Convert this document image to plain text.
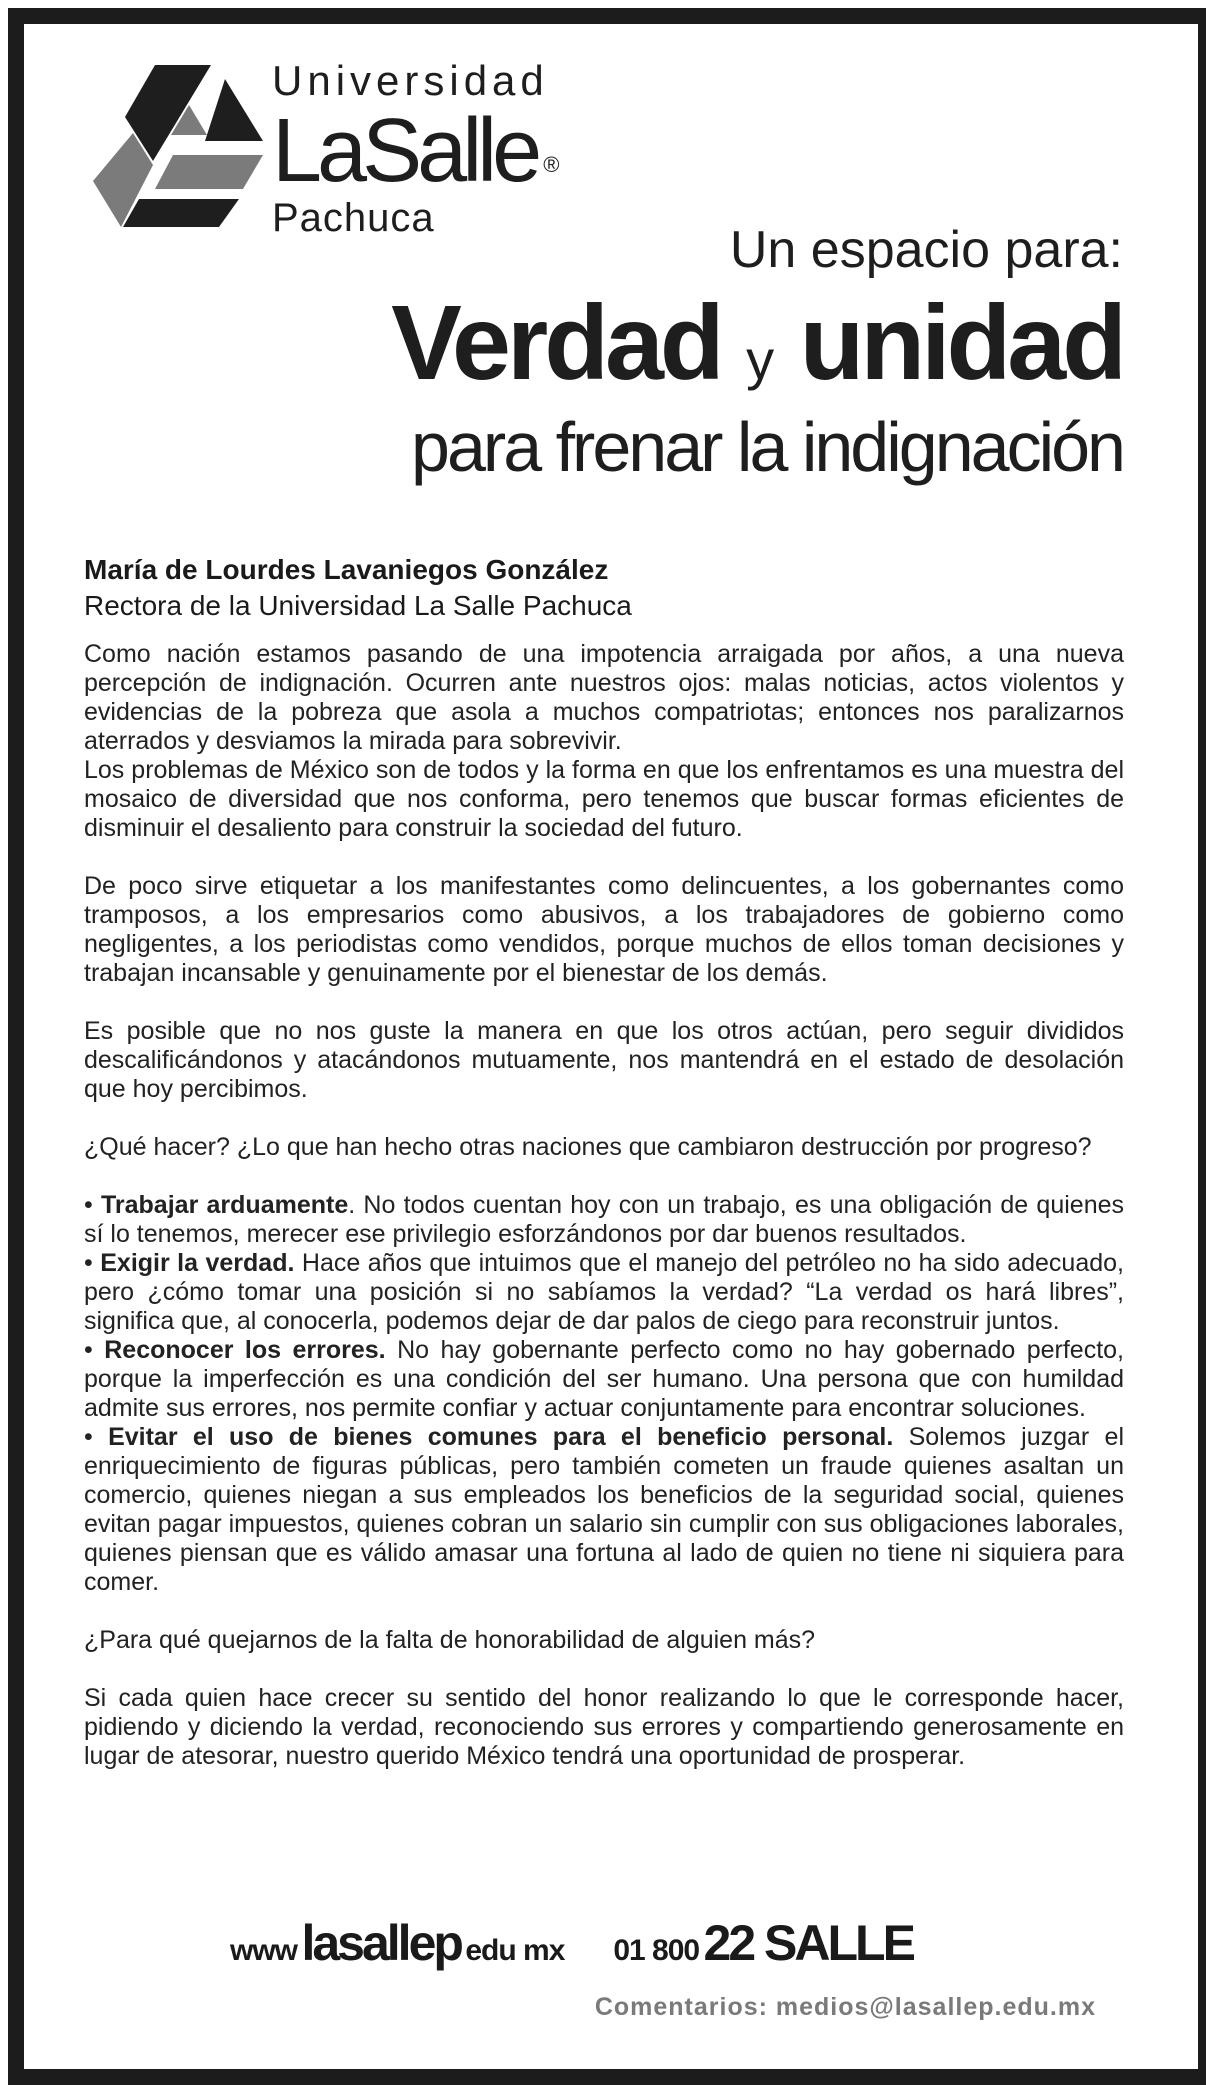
Universidad
LaSalle ®
Pachuca
Un espacio para:
Verdad y unidad
para frenar la indignación
María de Lourdes Lavaniegos González
Rectora de la Universidad La Salle Pachuca

Como nación estamos pasando de una impotencia arraigada por años, a una nueva percepción de indignación. Ocurren ante nuestros ojos: malas noticias, actos violentos y evidencias de la pobreza que asola a muchos compatriotas; entonces nos paralizarnos aterrados y desviamos la mirada para sobrevivir.

Los problemas de México son de todos y la forma en que los enfrentamos es una muestra del mosaico de diversidad que nos conforma, pero tenemos que buscar formas eficientes de disminuir el desaliento para construir la sociedad del futuro.

De poco sirve etiquetar a los manifestantes como delincuentes, a los gobernantes como tramposos, a los empresarios como abusivos, a los trabajadores de gobierno como negligentes, a los periodistas como vendidos, porque muchos de ellos toman decisiones y trabajan incansable y genuinamente por el bienestar de los demás.

Es posible que no nos guste la manera en que los otros actúan, pero seguir divididos descalificándonos y atacándonos mutuamente, nos mantendrá en el estado de desolación que hoy percibimos.

¿Qué hacer? ¿Lo que han hecho otras naciones que cambiaron destrucción por progreso?

• Trabajar arduamente. No todos cuentan hoy con un trabajo, es una obligación de quienes sí lo tenemos, merecer ese privilegio esforzándonos por dar buenos resultados.

• Exigir la verdad. Hace años que intuimos que el manejo del petróleo no ha sido adecuado, pero ¿cómo tomar una posición si no sabíamos la verdad? “La verdad os hará libres”, significa que, al conocerla, podemos dejar de dar palos de ciego para reconstruir juntos.

• Reconocer los errores. No hay gobernante perfecto como no hay gobernado perfecto, porque la imperfección es una condición del ser humano. Una persona que con humildad admite sus errores, nos permite confiar y actuar conjuntamente para encontrar soluciones.

• Evitar el uso de bienes comunes para el beneficio personal. Solemos juzgar el enriquecimiento de figuras públicas, pero también cometen un fraude quienes asaltan un comercio, quienes niegan a sus empleados los beneficios de la seguridad social, quienes evitan pagar impuestos, quienes cobran un salario sin cumplir con sus obligaciones laborales, quienes piensan que es válido amasar una fortuna al lado de quien no tiene ni siquiera para comer.

¿Para qué quejarnos de la falta de honorabilidad de alguien más?

Si cada quien hace crecer su sentido del honor realizando lo que le corresponde hacer, pidiendo y diciendo la verdad, reconociendo sus errores y compartiendo generosamente en lugar de atesorar, nuestro querido México tendrá una oportunidad de prosperar.

www lasallep edu mx 01 800 22 SALLE
Comentarios: medios@lasallep.edu.mx
